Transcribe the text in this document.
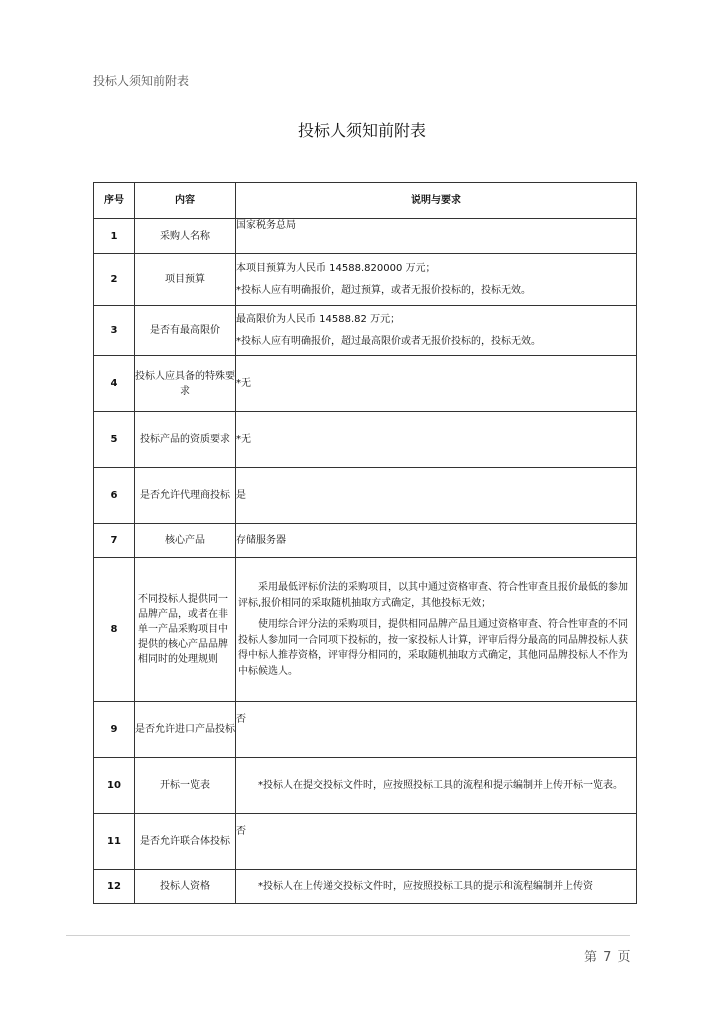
投标人须知前附表
投标人须知前附表
序号	内容	说明与要求
1	采购人名称	国家税务总局

2	项目预算	本项目预算为人民币 14588.820000 万元；

*投标人应有明确报价，超过预算，或者无报价投标的，投标无效。

3	是否有最高限价	最高限价为人民币 14588.82 万元；

*投标人应有明确报价，超过最高限价或者无报价投标的，投标无效。

4	投标人应具备的特殊要求	*无

5	投标产品的资质要求	*无

6	是否允许代理商投标	是

7	核心产品	存储服务器

8	不同投标人提供同一品牌产品，或者在非单一产品采购项目中提供的核心产品品牌相同时的处理规则	采用最低评标价法的采购项目，以其中通过资格审查、符合性审查且报价最低的参加评标,报价相同的采取随机抽取方式确定，其他投标无效；

使用综合评分法的采购项目，提供相同品牌产品且通过资格审查、符合性审查的不同投标人参加同一合同项下投标的，按一家投标人计算，评审后得分最高的同品牌投标人获得中标人推荐资格，评审得分相同的，采取随机抽取方式确定，其他同品牌投标人不作为中标候选人。

9	是否允许进口产品投标	否

10	开标一览表	*投标人在提交投标文件时，应按照投标工具的流程和提示编制并上传开标一览表。

11	是否允许联合体投标	否

12	投标人资格	*投标人在上传递交投标文件时，应按照投标工具的提示和流程编制并上传资

第 7 页
